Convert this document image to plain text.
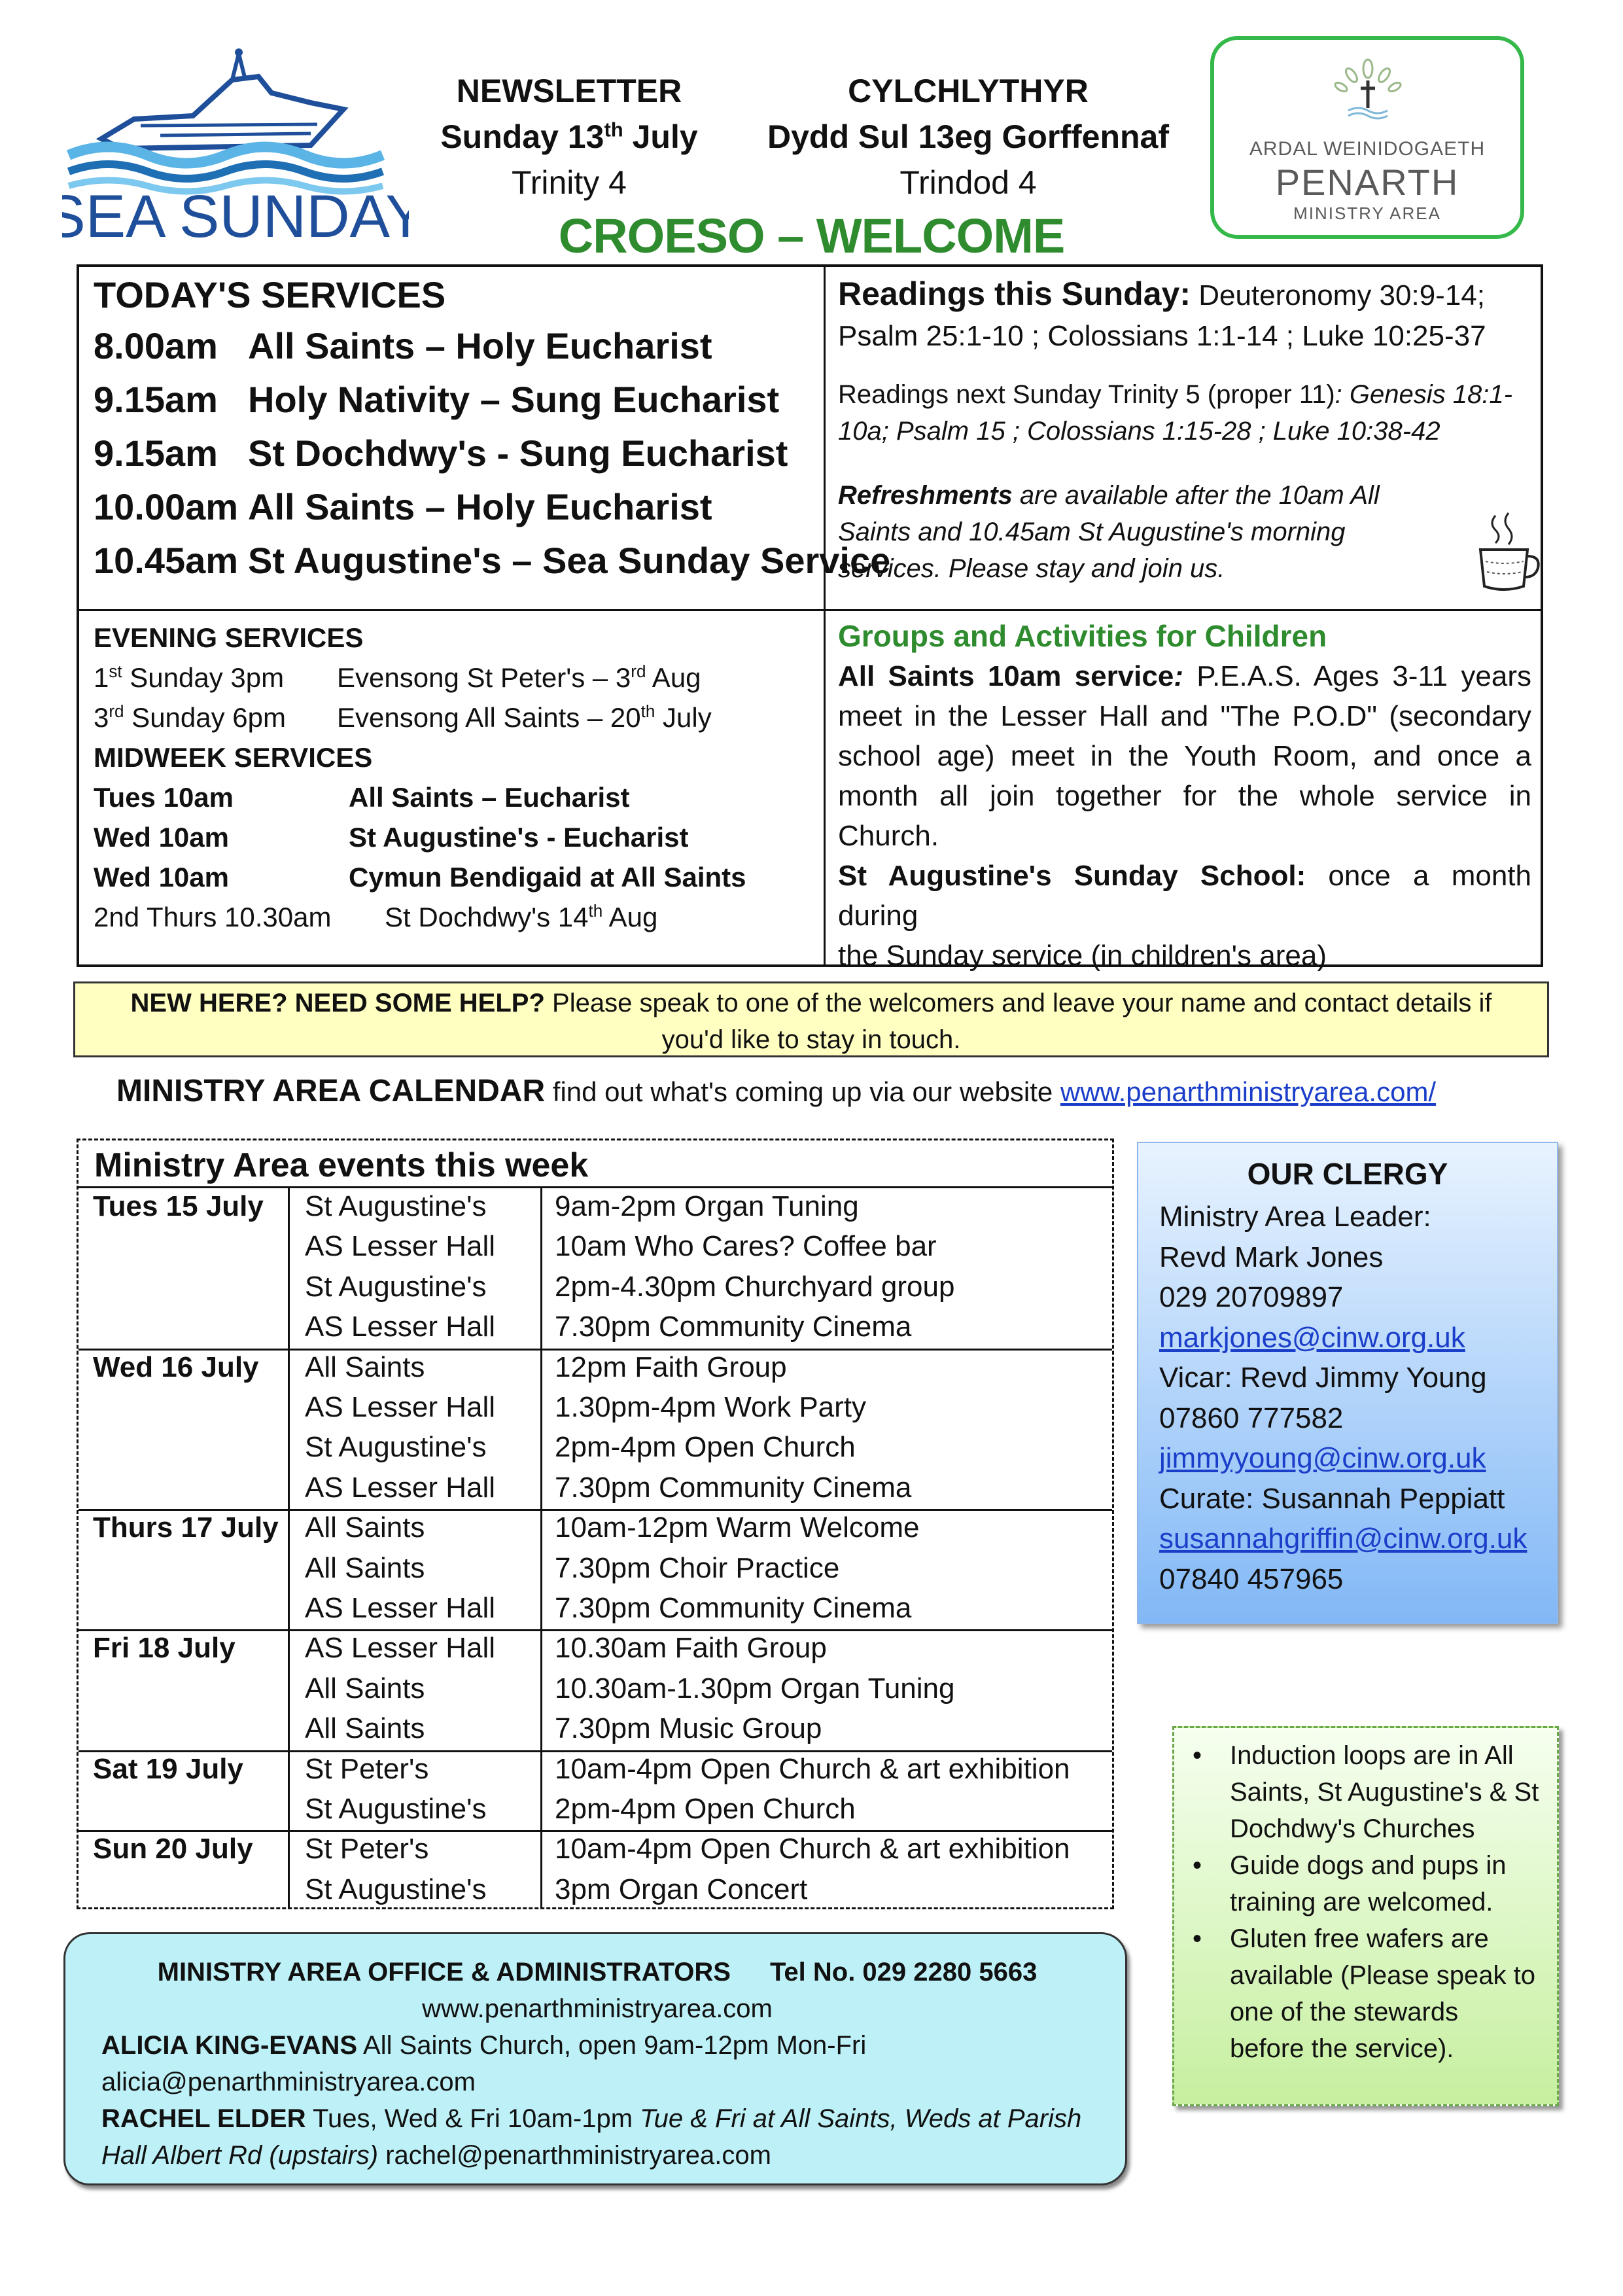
SEA SUNDAY
NEWSLETTER
Sunday 13th July
Trinity 4
CYLCHLYTHYR
Dydd Sul 13eg Gorffennaf
Trindod 4
CROESO – WELCOME
ARDAL WEINIDOGAETH
PENARTH
MINISTRY AREA
TODAY'S SERVICES
8.00am All Saints – Holy Eucharist
9.15am Holy Nativity – Sung Eucharist
9.15am St Dochdwy's - Sung Eucharist
10.00am All Saints – Holy Eucharist
10.45am St Augustine's – Sea Sunday Service
Readings this Sunday: Deuteronomy 30:9-14;
Psalm 25:1-10 ; Colossians 1:1-14 ; Luke 10:25-37
Readings next Sunday Trinity 5 (proper 11): Genesis 18:1-
10a; Psalm 15 ; Colossians 1:15-28 ; Luke 10:38-42
Refreshments are available after the 10am All
Saints and 10.45am St Augustine's morning
services. Please stay and join us.
EVENING SERVICES
1st Sunday 3pm Evensong St Peter's – 3rd Aug
3rd Sunday 6pm Evensong All Saints – 20th July
MIDWEEK SERVICES
Tues 10am	All Saints – Eucharist
Wed 10am	St Augustine's - Eucharist
Wed 10am	Cymun Bendigaid at All Saints
2nd Thurs 10.30am St Dochdwy's 14th Aug
Groups and Activities for Children
All Saints 10am service: P.E.A.S. Ages 3-11 years
meet in the Lesser Hall and "The P.O.D" (secondary
school age) meet in the Youth Room, and once a
month all join together for the whole service in
Church.
St Augustine's Sunday School: once a month during
the Sunday service (in children's area)
NEW HERE? NEED SOME HELP? Please speak to one of the welcomers and leave your name and contact details if
you'd like to stay in touch.
MINISTRY AREA CALENDAR find out what's coming up via our website www.penarthministryarea.com/
Ministry Area events this week
Tues 15 July St Augustine's 9am-2pm Organ Tuning
AS Lesser Hall 10am Who Cares? Coffee bar
St Augustine's 2pm-4.30pm Churchyard group
AS Lesser Hall 7.30pm Community Cinema
Wed 16 July All Saints	12pm Faith Group
AS Lesser Hall 1.30pm-4pm Work Party
St Augustine's 2pm-4pm Open Church
AS Lesser Hall 7.30pm Community Cinema
Thurs 17 July All Saints	10am-12pm Warm Welcome
All Saints	7.30pm Choir Practice
AS Lesser Hall 7.30pm Community Cinema
Fri 18 July AS Lesser Hall 10.30am Faith Group
All Saints	10.30am-1.30pm Organ Tuning
All Saints	7.30pm Music Group
Sat 19 July St Peter's	10am-4pm Open Church & art exhibition
St Augustine's 2pm-4pm Open Church
Sun 20 July St Peter's	10am-4pm Open Church & art exhibition
St Augustine's 3pm Organ Concert
OUR CLERGY
Ministry Area Leader:
Revd Mark Jones
029 20709897
markjones@cinw.org.uk
Vicar: Revd Jimmy Young
07860 777582
jimmyyoung@cinw.org.uk
Curate: Susannah Peppiatt
susannahgriffin@cinw.org.uk
07840 457965
• Induction loops are in All
Saints, St Augustine's & St
Dochdwy's Churches
• Guide dogs and pups in
training are welcomed.
• Gluten free wafers are
available (Please speak to
one of the stewards
before the service).
MINISTRY AREA OFFICE & ADMINISTRATORS Tel No. 029 2280 5663
www.penarthministryarea.com
ALICIA KING-EVANS All Saints Church, open 9am-12pm Mon-Fri
alicia@penarthministryarea.com
RACHEL ELDER Tues, Wed & Fri 10am-1pm Tue & Fri at All Saints, Weds at Parish
Hall Albert Rd (upstairs) rachel@penarthministryarea.com
